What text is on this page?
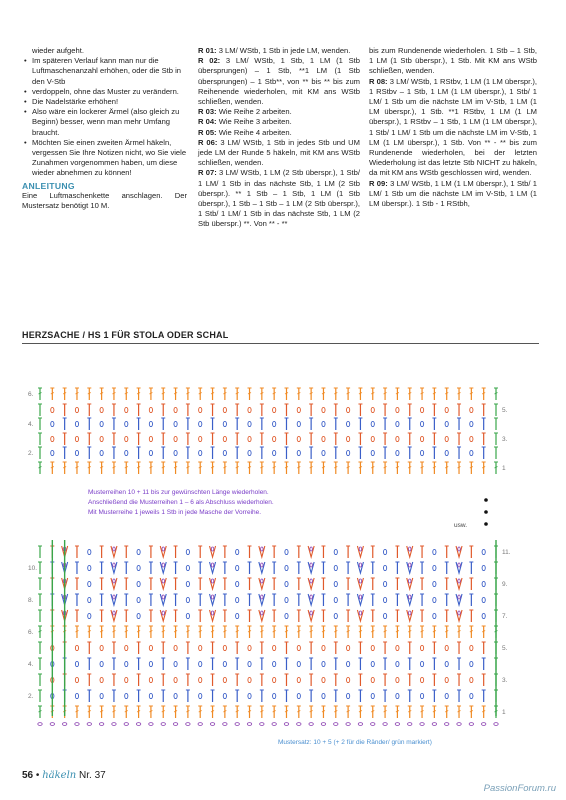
wieder aufgeht.
• Im späteren Verlauf kann man nur die Luftmaschenanzahl erhöhen, oder die Stb in den V-Stb
• verdoppeln, ohne das Muster zu verändern.
• Die Nadelstärke erhöhen!
• Also wäre ein lockerer Ärmel (also gleich zu Beginn) besser, wenn man mehr Umfang braucht.
• Möchten Sie einen zweiten Ärmel häkeln, vergessen Sie Ihre Notizen nicht, wo Sie viele Zunahmen vorgenommen haben, um diese wieder abnehmen zu können!
ANLEITUNG

Eine Luftmaschenkette anschlagen. Der Mustersatz benötigt 10 M.

R 01: 3 LM/ WStb, 1 Stb in jede LM, wenden.

R 02: 3 LM/ WStb, 1 Stb, 1 LM (1 Stb übersprungen) – 1 Stb, **1 LM (1 Stb übersprungen) – 1 Stb**, von ** bis ** bis zum Reihenende wiederholen, mit KM ans WStb schließen, wenden.

R 03: Wie Reihe 2 arbeiten.

R 04: Wie Reihe 3 arbeiten.

R 05: Wie Reihe 4 arbeiten.

R 06: 3 LM/ WStb, 1 Stb in jedes Stb und UM jede LM der Runde 5 häkeln, mit KM ans WStb schließen, wenden.

R 07: 3 LM/ WStb, 1 LM (2 Stb überspr.), 1 Stb/ 1 LM/ 1 Stb in das nächste Stb, 1 LM (2 Stb überspr.). ** 1 Stb – 1 Stb, 1 LM (1 Stb überspr.), 1 Stb – 1 Stb – 1 LM (2 Stb überspr.), 1 Stb/ 1 LM/ 1 Stb in das nächste Stb, 1 LM (2 Stb überspr.) **. Von ** - **

bis zum Rundenende wiederholen. 1 Stb – 1 Stb, 1 LM (1 Stb überspr.), 1 Stb. Mit KM ans WStb schließen, wenden.

R 08: 3 LM/ WStb, 1 RStbv, 1 LM (1 LM überspr.), 1 RStbv – 1 Stb, 1 LM (1 LM überspr.), 1 Stb/ 1 LM/ 1 Stb um die nächste LM im V-Stb, 1 LM (1 LM überspr.), 1 Stb. **1 RStbv, 1 LM (1 LM überspr.), 1 RStbv – 1 Stb, 1 LM (1 LM überspr.), 1 Stb/ 1 LM/ 1 Stb um die nächste LM im V-Stb, 1 LM (1 LM überspr.), 1 Stb. Von ** - ** bis zum Rundenende wiederholen, bei der letzten Wiederholung ist das letzte Stb NICHT zu häkeln, da mit KM ans WStb geschlossen wird, wenden.

R 09: 3 LM/ WStb, 1 LM (1 LM überspr.), 1 Stb/ 1 LM/ 1 Stb um die nächste LM im V-Stb, 1 LM (1 LM überspr.). 1 Stb - 1 RStbh,

HERZSACHE / HS 1 FÜR STOLA ODER SCHAL
6.
4.
2.
5.
3.
1
10.
8.
6.
4.
2.
11.
9.
7.
5.
3.
1
Musterreihen 10 + 11 bis zur gewünschten Länge wiederholen.
Anschließend die Musterreihen 1 – 6 als Abschluss wiederholen.
Mit Musterreihe 1 jeweils 1 Stb in jede Masche der Vorreihe.
usw.
Mustersatz: 10 + 5 (+ 2 für die Ränder/ grün markiert)
56 • häkeln Nr. 37
PassionForum.ru
